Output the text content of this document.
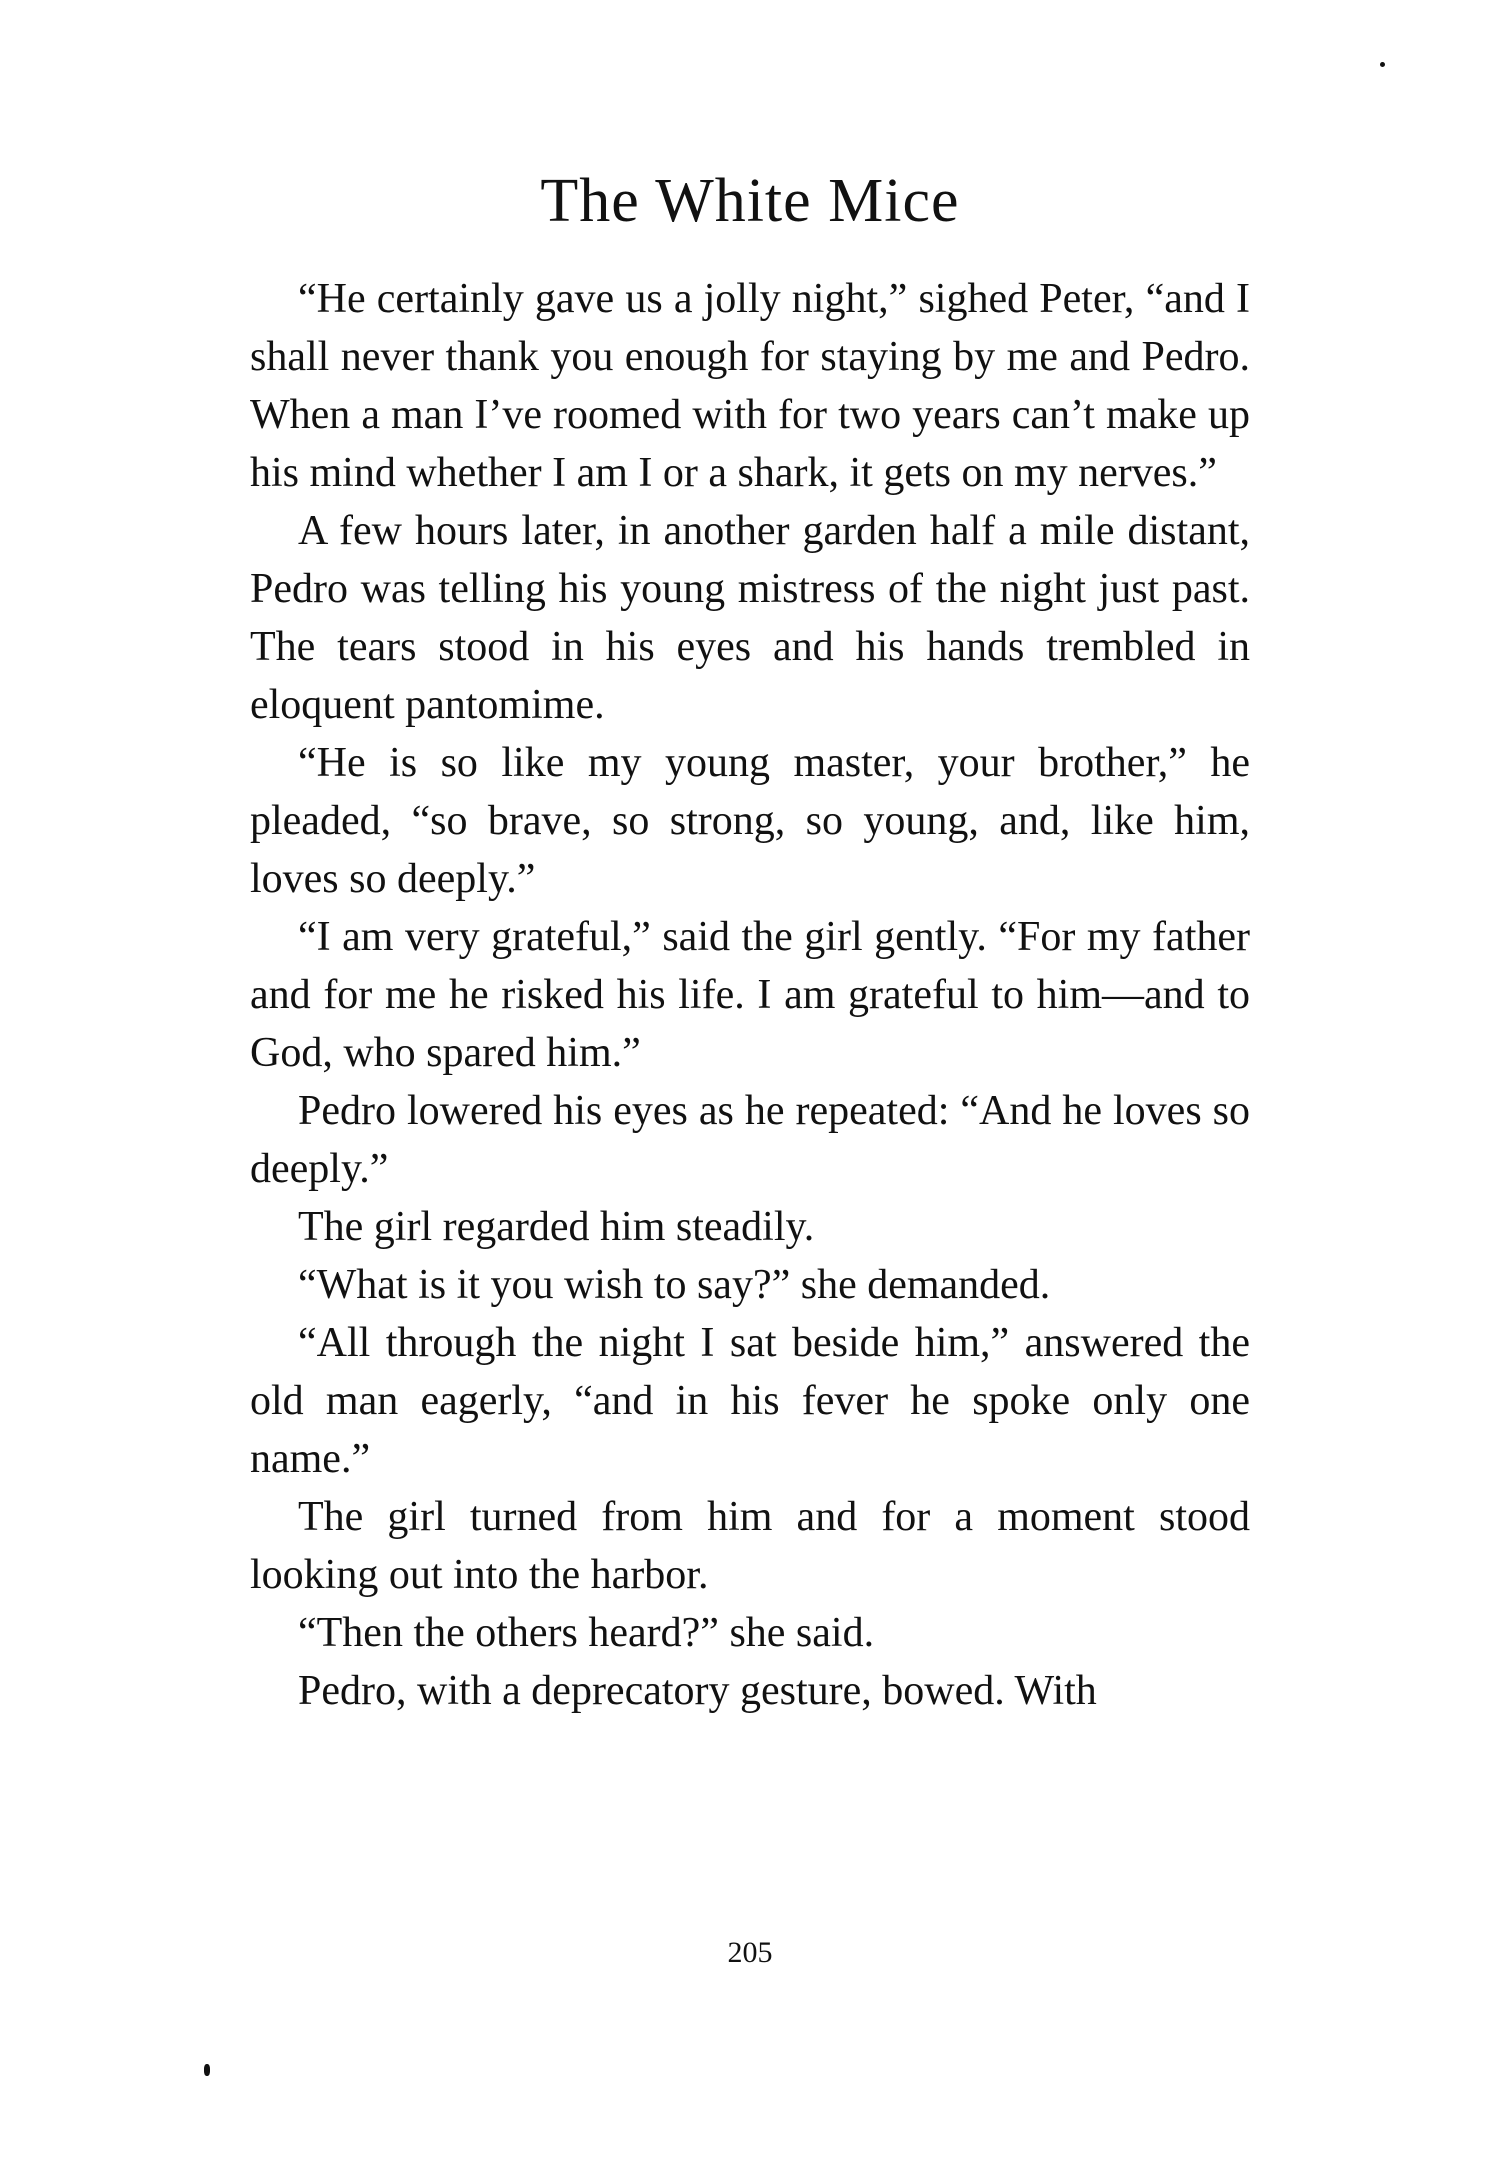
The White Mice

“He certainly gave us a jolly night,” sighed Peter, “and I shall never thank you enough for staying by me and Pedro. When a man I’ve roomed with for two years can’t make up his mind whether I am I or a shark, it gets on my nerves.”

A few hours later, in another garden half a mile distant, Pedro was telling his young mistress of the night just past. The tears stood in his eyes and his hands trembled in eloquent pantomime.

“He is so like my young master, your brother,” he pleaded, “so brave, so strong, so young, and, like him, loves so deeply.”

“I am very grateful,” said the girl gently. “For my father and for me he risked his life. I am grateful to him—and to God, who spared him.”

Pedro lowered his eyes as he repeated: “And he loves so deeply.”

The girl regarded him steadily.

“What is it you wish to say?” she demanded.

“All through the night I sat beside him,” answered the old man eagerly, “and in his fever he spoke only one name.”

The girl turned from him and for a moment stood looking out into the harbor.

“Then the others heard?” she said.

Pedro, with a deprecatory gesture, bowed. With

205
